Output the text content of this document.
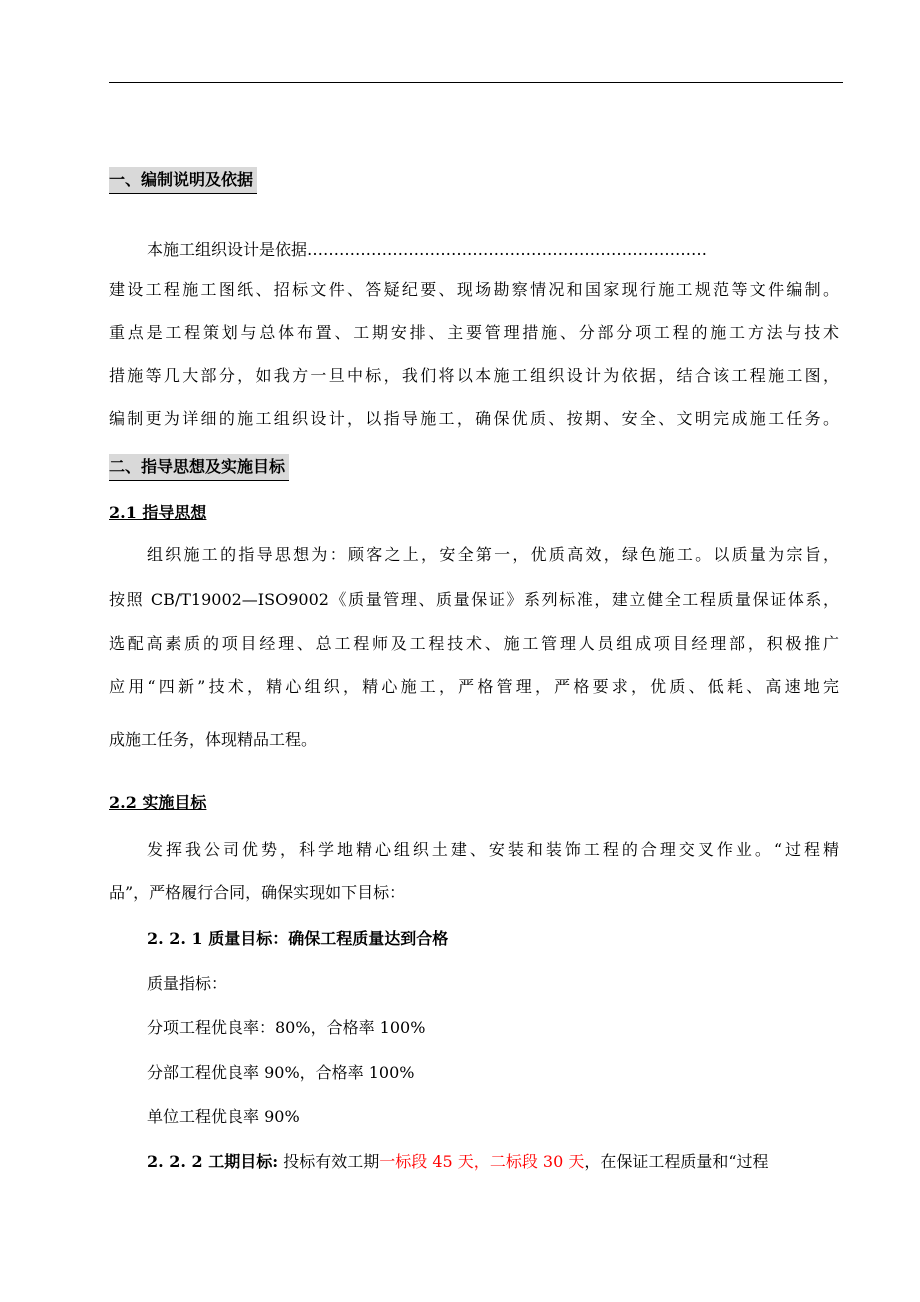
一、编制说明及依据
本施工组织设计是依据…………………………………………………………………
建设工程施工图纸、招标文件、答疑纪要、现场勘察情况和国家现行施工规范等文件编制。
重点是工程策划与总体布置、工期安排、主要管理措施、分部分项工程的施工方法与技术
措施等几大部分，如我方一旦中标，我们将以本施工组织设计为依据，结合该工程施工图，
编制更为详细的施工组织设计，以指导施工，确保优质、按期、安全、文明完成施工任务。
二、指导思想及实施目标
2.1 指导思想
组织施工的指导思想为：顾客之上，安全第一，优质高效，绿色施工。以质量为宗旨，
按照 CB/T19002—ISO9002《质量管理、质量保证》系列标准，建立健全工程质量保证体系，
选配高素质的项目经理、总工程师及工程技术、施工管理人员组成项目经理部，积极推广
应用“四新”技术，精心组织，精心施工，严格管理，严格要求，优质、低耗、高速地完
成施工任务，体现精品工程。
2.2 实施目标
发挥我公司优势，科学地精心组织土建、安装和装饰工程的合理交叉作业。“过程精
品”，严格履行合同，确保实现如下目标：
2. 2. 1 质量目标：确保工程质量达到合格
质量指标：
分项工程优良率：80%，合格率 100%
分部工程优良率 90%，合格率 100%
单位工程优良率 90%
2. 2. 2 工期目标: 投标有效工期一标段 45 天，二标段 30 天，在保证工程质量和“过程
